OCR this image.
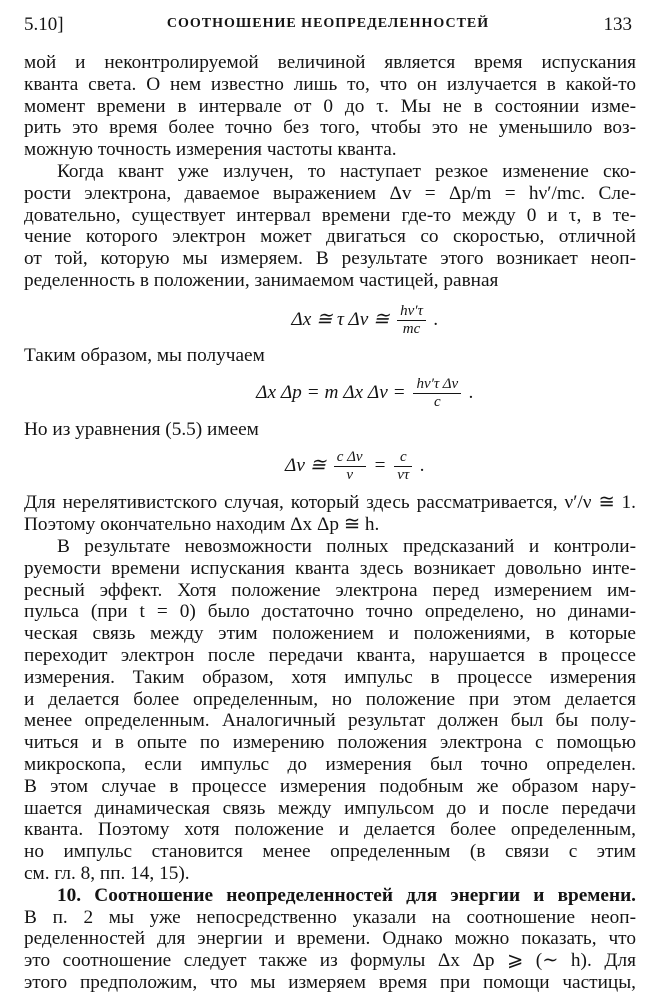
5.10]	СООТНОШЕНИЕ НЕОПРЕДЕЛЕННОСТЕЙ	133
мой и неконтролируемой величиной является время испускания
кванта света. О нем известно лишь то, что он излучается в какой-то
момент времени в интервале от 0 до τ. Мы не в состоянии изме-
рить это время более точно без того, чтобы это не уменьшило воз-
можную точность измерения частоты кванта.
Когда квант уже излучен, то наступает резкое изменение ско-
рости электрона, даваемое выражением Δv = Δp/m = hν′/mc. Сле-
довательно, существует интервал времени где-то между 0 и τ, в те-
чение которого электрон может двигаться со скоростью, отличной
от той, которую мы измеряем. В результате этого возникает неоп-
ределенность в положении, занимаемом частицей, равная
Δx ≅ τ Δv ≅ $\frac{h\nu'\tau}{mc}$ .
Таким образом, мы получаем
Δx Δp = m Δx $\Delta v = \frac{\text{hν′τ Δv}}{c}$ .
Но из уравнения (5.5) имеем
Δv ≅ $\frac{\text{c Δν}}{\nu} = \frac{c}{\nu\tau}$ .
Для нерелятивистского случая, который здесь рассматривается, ν′/ν ≅ 1.
Поэтому окончательно находим Δx Δp ≅ h.
В результате невозможности полных предсказаний и контроли-
руемости времени испускания кванта здесь возникает довольно инте-
ресный эффект. Хотя положение электрона перед измерением им-
пульса (при t = 0) было достаточно точно определено, но динами-
ческая связь между этим положением и положениями, в которые
переходит электрон после передачи кванта, нарушается в процессе
измерения. Таким образом, хотя импульс в процессе измерения
и делается более определенным, но положение при этом делается
менее определенным. Аналогичный результат должен был бы полу-
читься и в опыте по измерению положения электрона с помощью
микроскопа, если импульс до измерения был точно определен.
В этом случае в процессе измерения подобным же образом нару-
шается динамическая связь между импульсом до и после передачи
кванта. Поэтому хотя положение и делается более определенным,
но импульс становится менее определенным (в связи с этим
см. гл. 8, пп. 14, 15).
10. Соотношение неопределенностей для энергии и времени.
В п. 2 мы уже непосредственно указали на соотношение неоп-
ределенностей для энергии и времени. Однако можно показать, что
это соотношение следует также из формулы Δx Δp ⩾ (∼ h). Для
этого предположим, что мы измеряем время при помощи частицы,
